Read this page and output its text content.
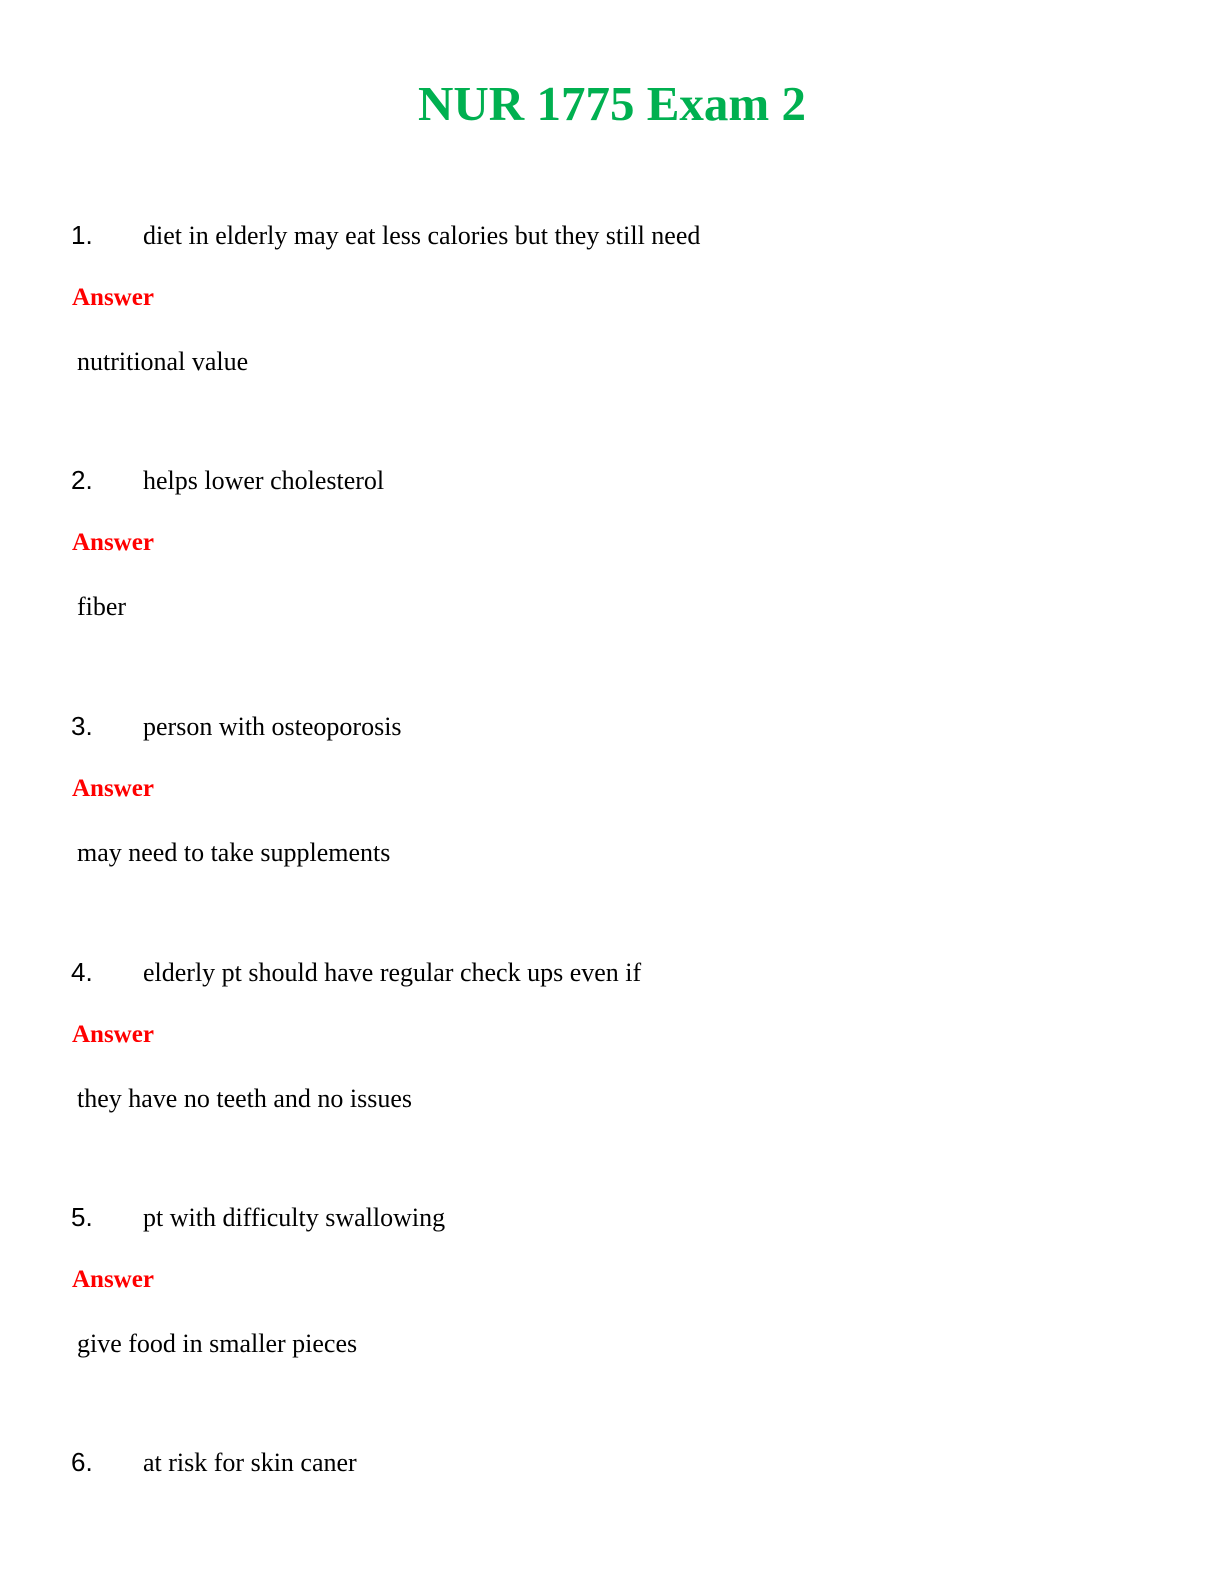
NUR 1775 Exam 2
1. diet in elderly may eat less calories but they still need
Answer
nutritional value
2. helps lower cholesterol
Answer
fiber
3. person with osteoporosis
Answer
may need to take supplements
4. elderly pt should have regular check ups even if
Answer
they have no teeth and no issues
5. pt with difficulty swallowing
Answer
give food in smaller pieces
6. at risk for skin caner
